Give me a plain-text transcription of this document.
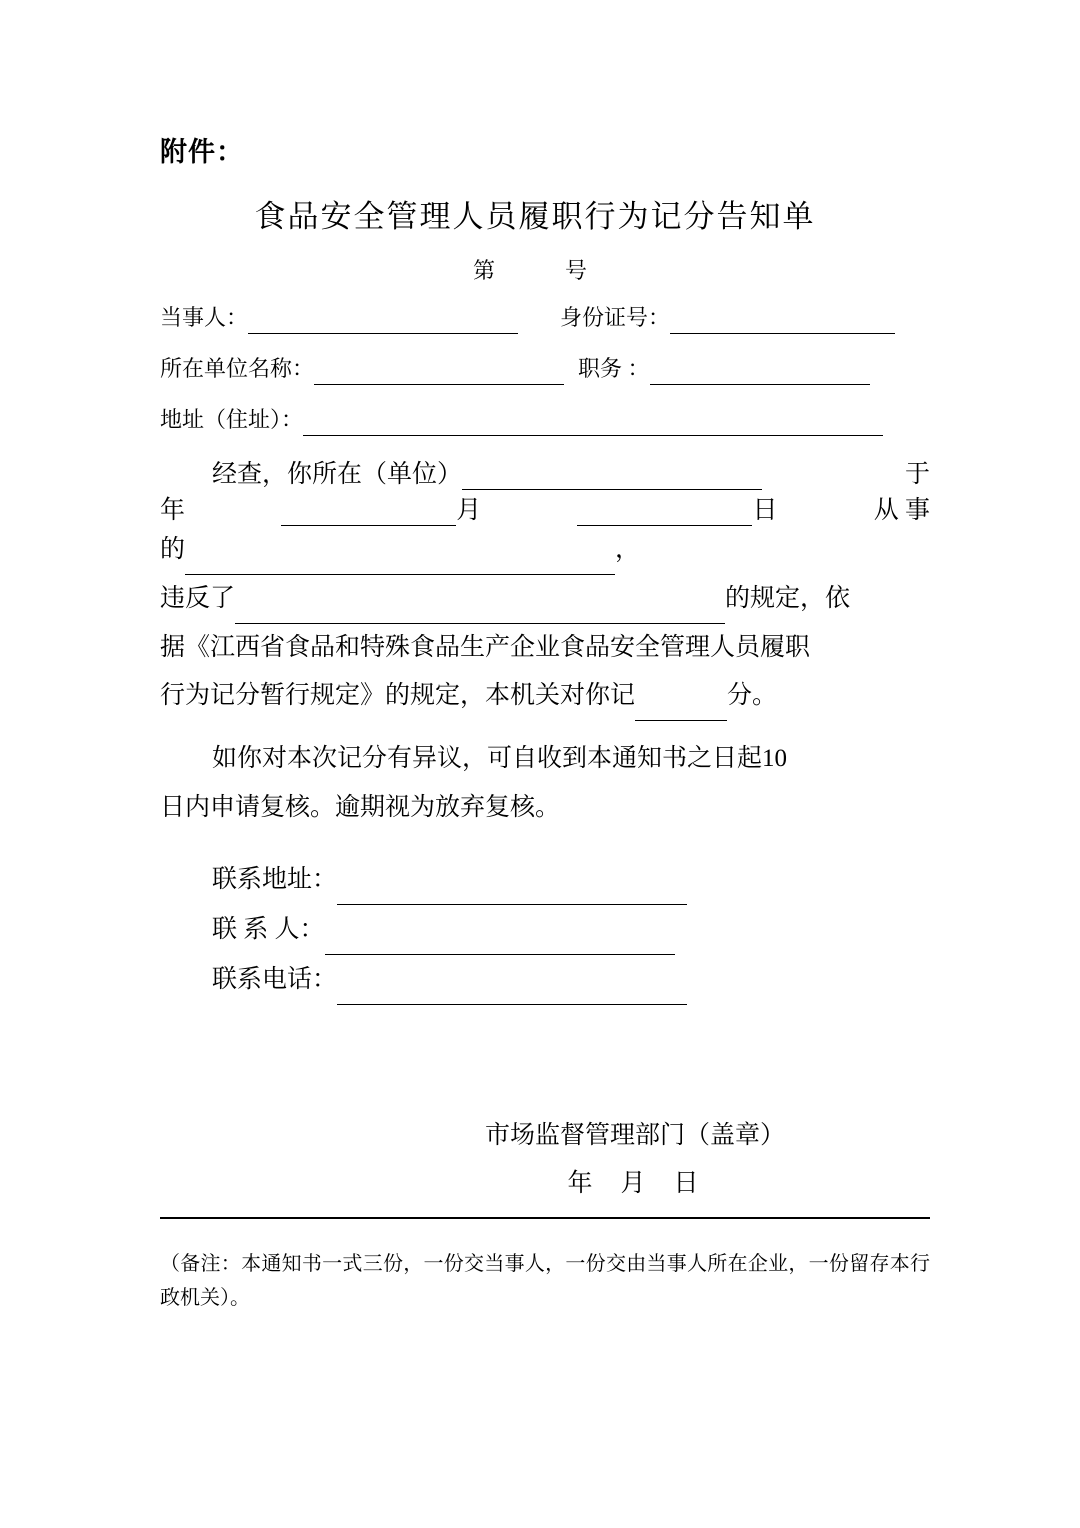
附件：
食品安全管理人员履职行为记分告知单
第	号
当事人：	身份证号：
所在单位名称：	职务 ：
地址（住址）：
经查，你所在（单位）	于
年	月	日	从 事
的	，
违反了	的规定，依
据《江西省食品和特殊食品生产企业食品安全管理人员履职
行为记分暂行规定》的规定，本机关对你记	分。
如你对本次记分有异议，可自收到本通知书之日起10
日内申请复核。逾期视为放弃复核。
联系地址：
联 系 人：
联系电话：
市场监督管理部门（盖章）
年 月 日
（备注：本通知书一式三份，一份交当事人，一份交由当事人所在企业，一份留存本行政机关）。
